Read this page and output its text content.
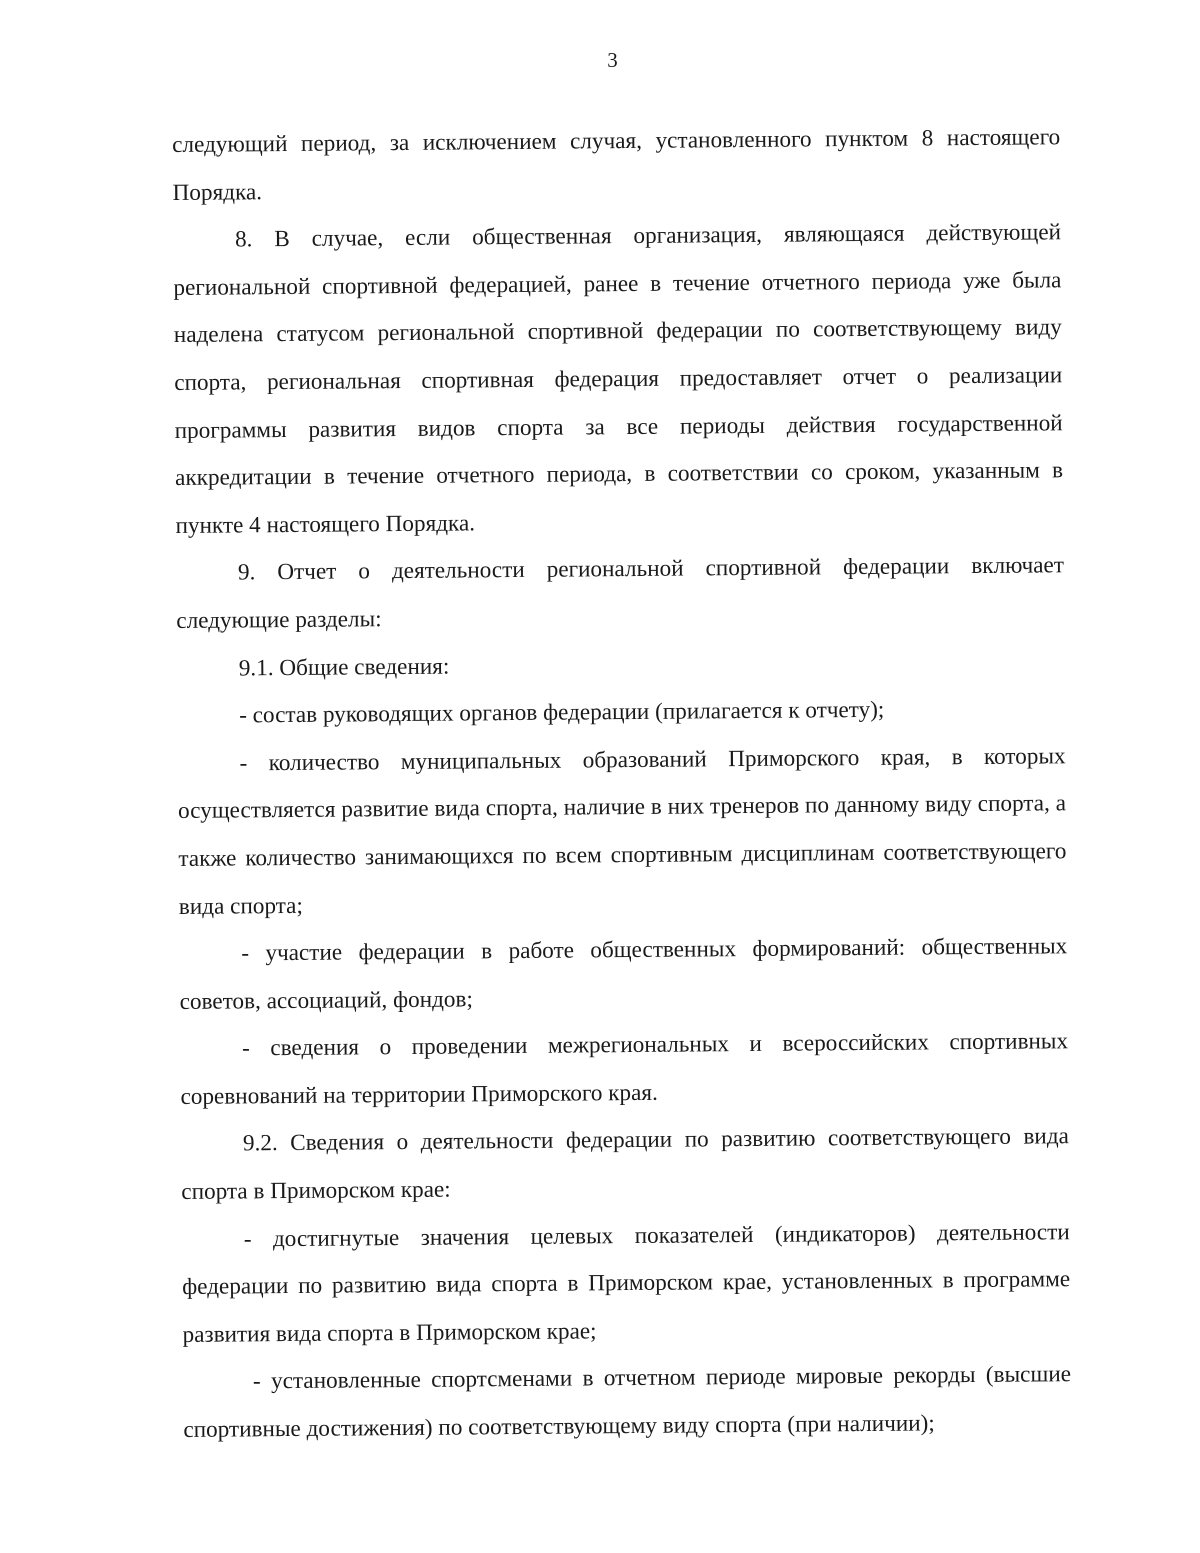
3

следующий период, за исключением случая, установленного пунктом 8 настоящего Порядка.

8. В случае, если общественная организация, являющаяся действующей региональной спортивной федерацией, ранее в течение отчетного периода уже была наделена статусом региональной спортивной федерации по соответствующему виду спорта, региональная спортивная федерация предоставляет отчет о реализации программы развития видов спорта за все периоды действия государственной аккредитации в течение отчетного периода, в соответствии со сроком, указанным в пункте 4 настоящего Порядка.

9. Отчет о деятельности региональной спортивной федерации включает следующие разделы:

9.1. Общие сведения:

- состав руководящих органов федерации (прилагается к отчету);

- количество муниципальных образований Приморского края, в которых осуществляется развитие вида спорта, наличие в них тренеров по данному виду спорта, а также количество занимающихся по всем спортивным дисциплинам соответствующего вида спорта;

- участие федерации в работе общественных формирований: общественных советов, ассоциаций, фондов;

- сведения о проведении межрегиональных и всероссийских спортивных соревнований на территории Приморского края.

9.2. Сведения о деятельности федерации по развитию соответствующего вида спорта в Приморском крае:

- достигнутые значения целевых показателей (индикаторов) деятельности федерации по развитию вида спорта в Приморском крае, установленных в программе развития вида спорта в Приморском крае;

- установленные спортсменами в отчетном периоде мировые рекорды (высшие спортивные достижения) по соответствующему виду спорта (при наличии);
